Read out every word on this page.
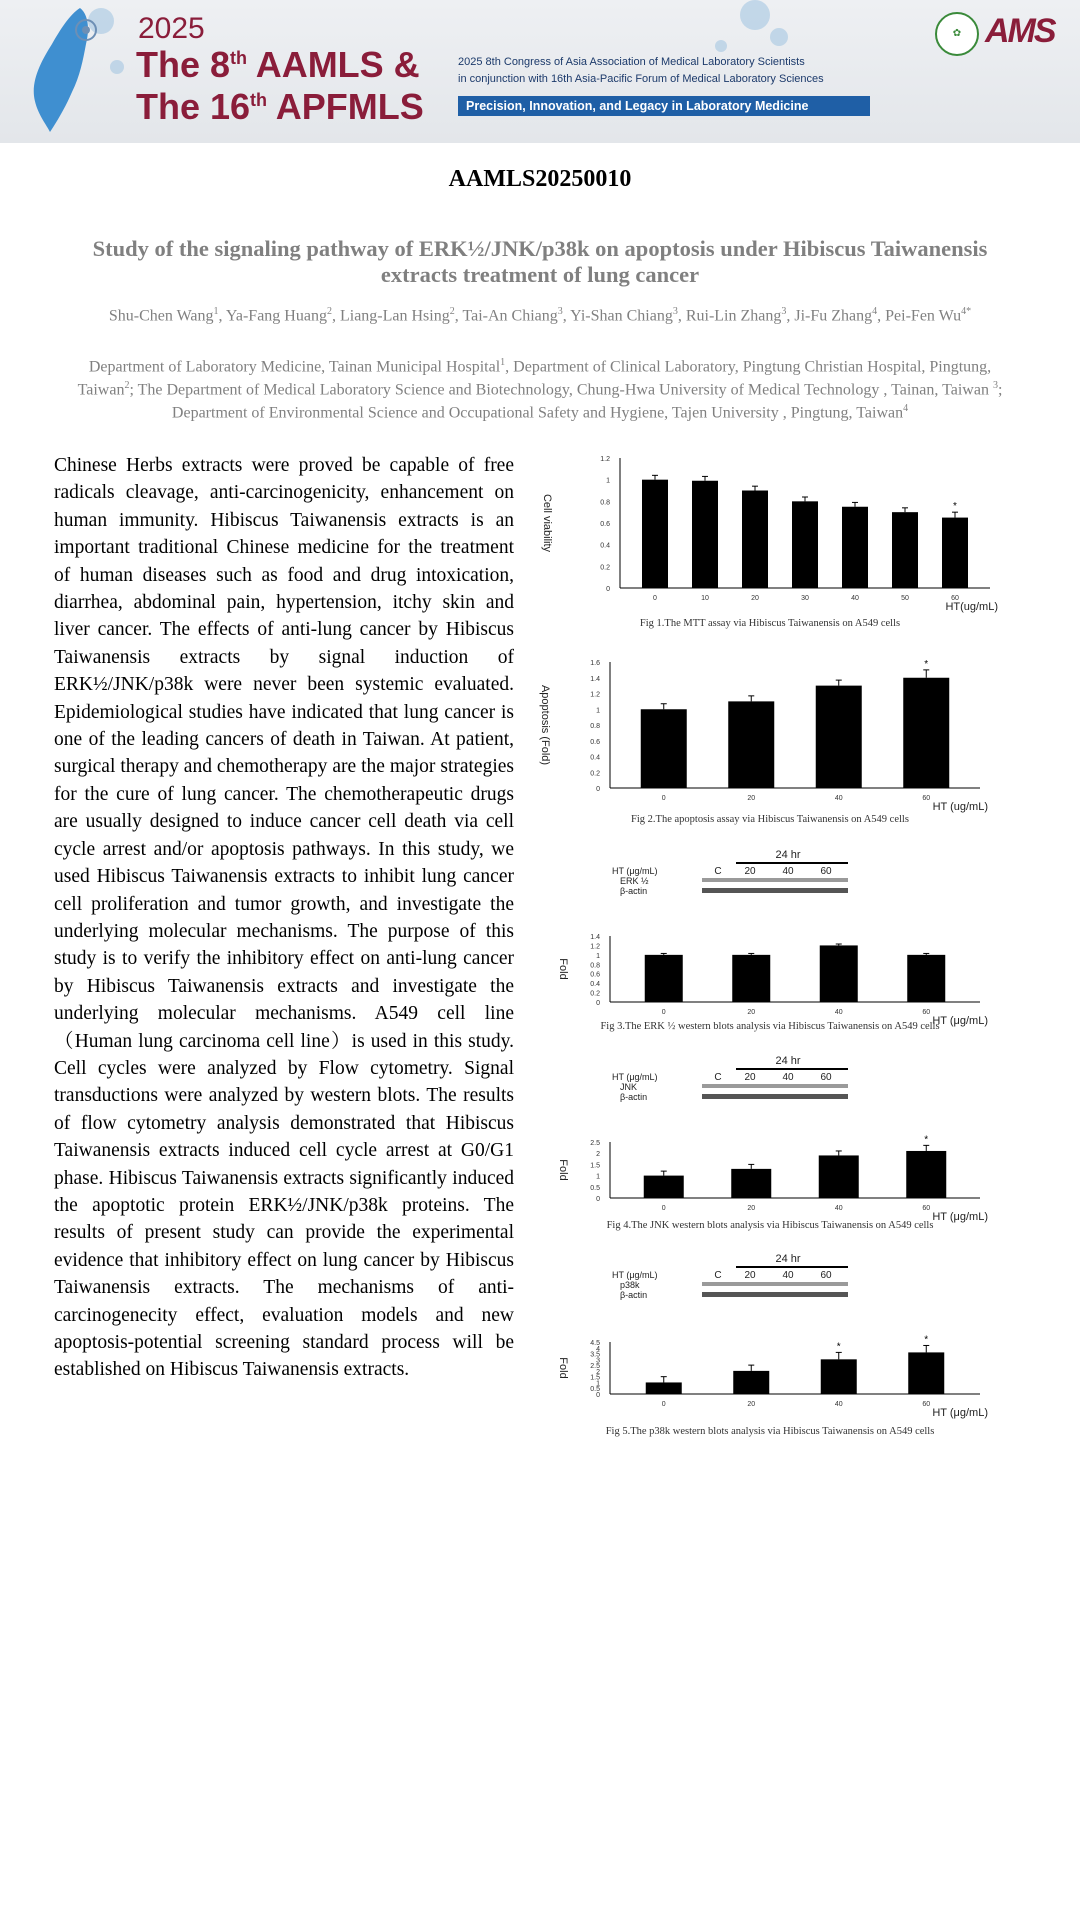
2025
The 8th AAMLS &
The 16th APFMLS
2025 8th Congress of Asia Association of Medical Laboratory Scientists
in conjunction with 16th Asia-Pacific Forum of Medical Laboratory Sciences
Precision, Innovation, and Legacy in Laboratory Medicine
✿ AMS
AAMLS20250010
Study of the signaling pathway of ERK½/JNK/p38k on apoptosis under Hibiscus Taiwanensis extracts treatment of lung cancer
Shu-Chen Wang$^1$, Ya-Fang Huang$^2$, Liang-Lan Hsing$^2$, Tai-An Chiang$^3$, Yi-Shan Chiang$^3$, Rui-Lin Zhang$^3$, Ji-Fu Zhang$^4$, Pei-Fen $Wu^{4*}$
Department of Laboratory Medicine, Tainan Municipal Hospital$^1$, Department of Clinical Laboratory, Pingtung Christian Hospital, Pingtung, Taiwan$^2$; The Department of Medical Laboratory Science and Biotechnology, Chung-Hwa University of Medical Technology , Tainan, Taiwan $^3$; Department of Environmental Science and Occupational Safety and Hygiene, Tajen University , Pingtung, Taiwan$^4$
Chinese Herbs extracts were proved be capable of free radicals cleavage, anti-carcinogenicity, enhancement on human immunity. Hibiscus Taiwanensis extracts is an important traditional Chinese medicine for the treatment of human diseases such as food and drug intoxication, diarrhea, abdominal pain, hypertension, itchy skin and liver cancer. The effects of anti-lung cancer by Hibiscus Taiwanensis extracts by signal induction of ERK½/JNK/p38k were never been systemic evaluated. Epidemiological studies have indicated that lung cancer is one of the leading cancers of death in Taiwan. At patient, surgical therapy and chemotherapy are the major strategies for the cure of lung cancer. The chemotherapeutic drugs are usually designed to induce cancer cell death via cell cycle arrest and/or apoptosis pathways. In this study, we used Hibiscus Taiwanensis extracts to inhibit lung cancer cell proliferation and tumor growth, and investigate the underlying molecular mechanisms. The purpose of this study is to verify the inhibitory effect on anti-lung cancer by Hibiscus Taiwanensis extracts and investigate the underlying molecular mechanisms. A549 cell line（Human lung carcinoma cell line）is used in this study. Cell cycles were analyzed by Flow cytometry. Signal transductions were analyzed by western blots. The results of flow cytometry analysis demonstrated that Hibiscus Taiwanensis extracts induced cell cycle arrest at G0/G1 phase. Hibiscus Taiwanensis extracts significantly induced the apoptotic protein ERK½/JNK/p38k proteins. The results of present study can provide the experimental evidence that inhibitory effect on lung cancer by Hibiscus Taiwanensis extracts. The mechanisms of anti-carcinogenecity effect, evaluation models and new apoptosis-potential screening standard process will be established on Hibiscus Taiwanensis extracts.
0
0.2
0.4
0.6
0.8
1
1.2
Cell viability
0	10	20	30	40	50
*
60
HT(ug/mL)
Fig 1.The MTT assay via Hibiscus Taiwanensis on A549 cells
0
0.2
0.4
0.6
0.8
1
1.2
1.4
1.6
Apoptosis (Fold)
0	20	40
*
60
HT (ug/mL)
Fig 2.The apoptosis assay via Hibiscus Taiwanensis on A549 cells
24 hr
HT (μg/mL)	C 20	40	60
ERK ½
β-actin
0
0.2
0.4
0.6
0.8
1
1.2
1.4
Fold
0	20	40	60
HT (μg/mL)
Fig 3.The ERK ½ western blots analysis via Hibiscus Taiwanensis on A549 cells
24 hr
HT (μg/mL)	C 20	40	60
JNK
β-actin
0
0.5
1
1.5
2
2.5
Fold
0	20	40
*
60
HT (μg/mL)
Fig 4.The JNK western blots analysis via Hibiscus Taiwanensis on A549 cells
24 hr
HT (μg/mL)	C 20	40	60
p38k
β-actin
0
0.5
1
1.5
2
2.5
3
3.5
4
4.5
Fold
0	20
*
40
*
60
HT (μg/mL)
Fig 5.The p38k western blots analysis via Hibiscus Taiwanensis on A549 cells
